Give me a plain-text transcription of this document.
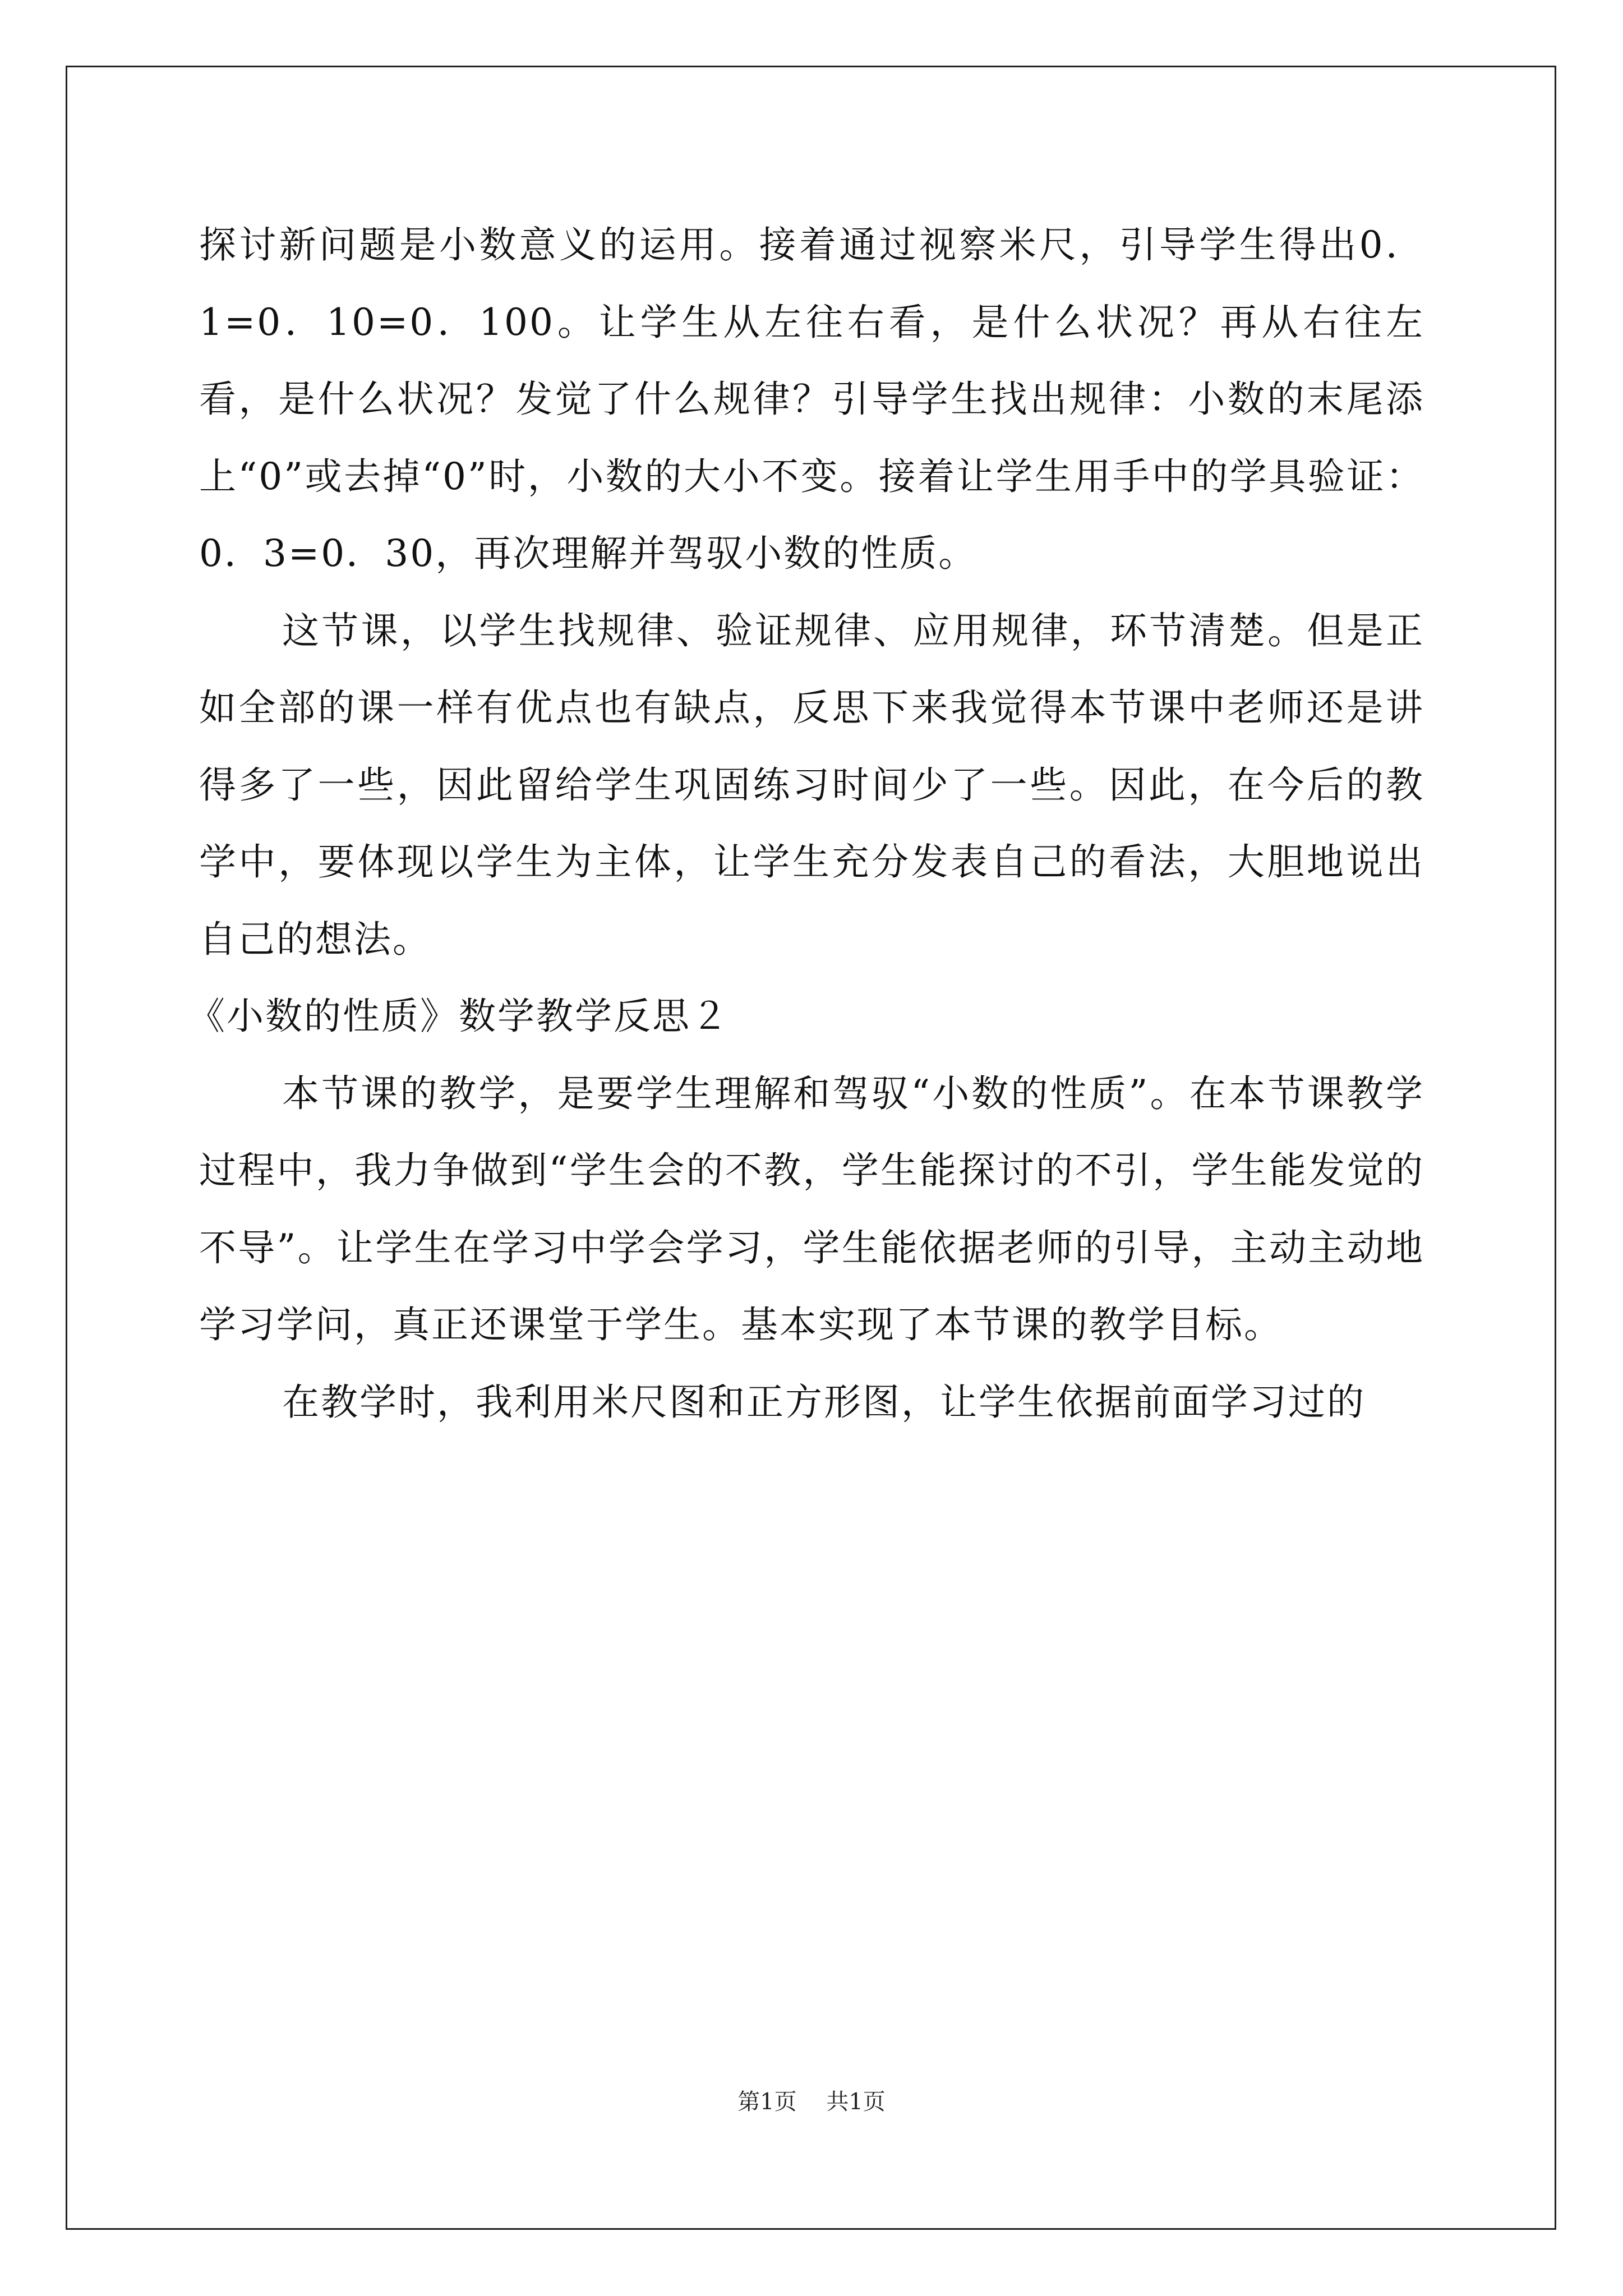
探讨新问题是小数意义的运用。接着通过视察米尺，引导学生得出0．1=0．10=0．100。让学生从左往右看，是什么状况？再从右往左看，是什么状况？发觉了什么规律？引导学生找出规律：小数的末尾添上“0”或去掉“0”时，小数的大小不变。接着让学生用手中的学具验证：0．3=0．30，再次理解并驾驭小数的性质。

这节课，以学生找规律、验证规律、应用规律，环节清楚。但是正如全部的课一样有优点也有缺点，反思下来我觉得本节课中老师还是讲得多了一些，因此留给学生巩固练习时间少了一些。因此，在今后的教学中，要体现以学生为主体，让学生充分发表自己的看法，大胆地说出自己的想法。

《小数的性质》数学教学反思２

本节课的教学，是要学生理解和驾驭“小数的性质”。在本节课教学过程中，我力争做到“学生会的不教，学生能探讨的不引，学生能发觉的不导”。让学生在学习中学会学习，学生能依据老师的引导，主动主动地学习学问，真正还课堂于学生。基本实现了本节课的教学目标。

在教学时，我利用米尺图和正方形图，让学生依据前面学习过的

第1页 共1页
